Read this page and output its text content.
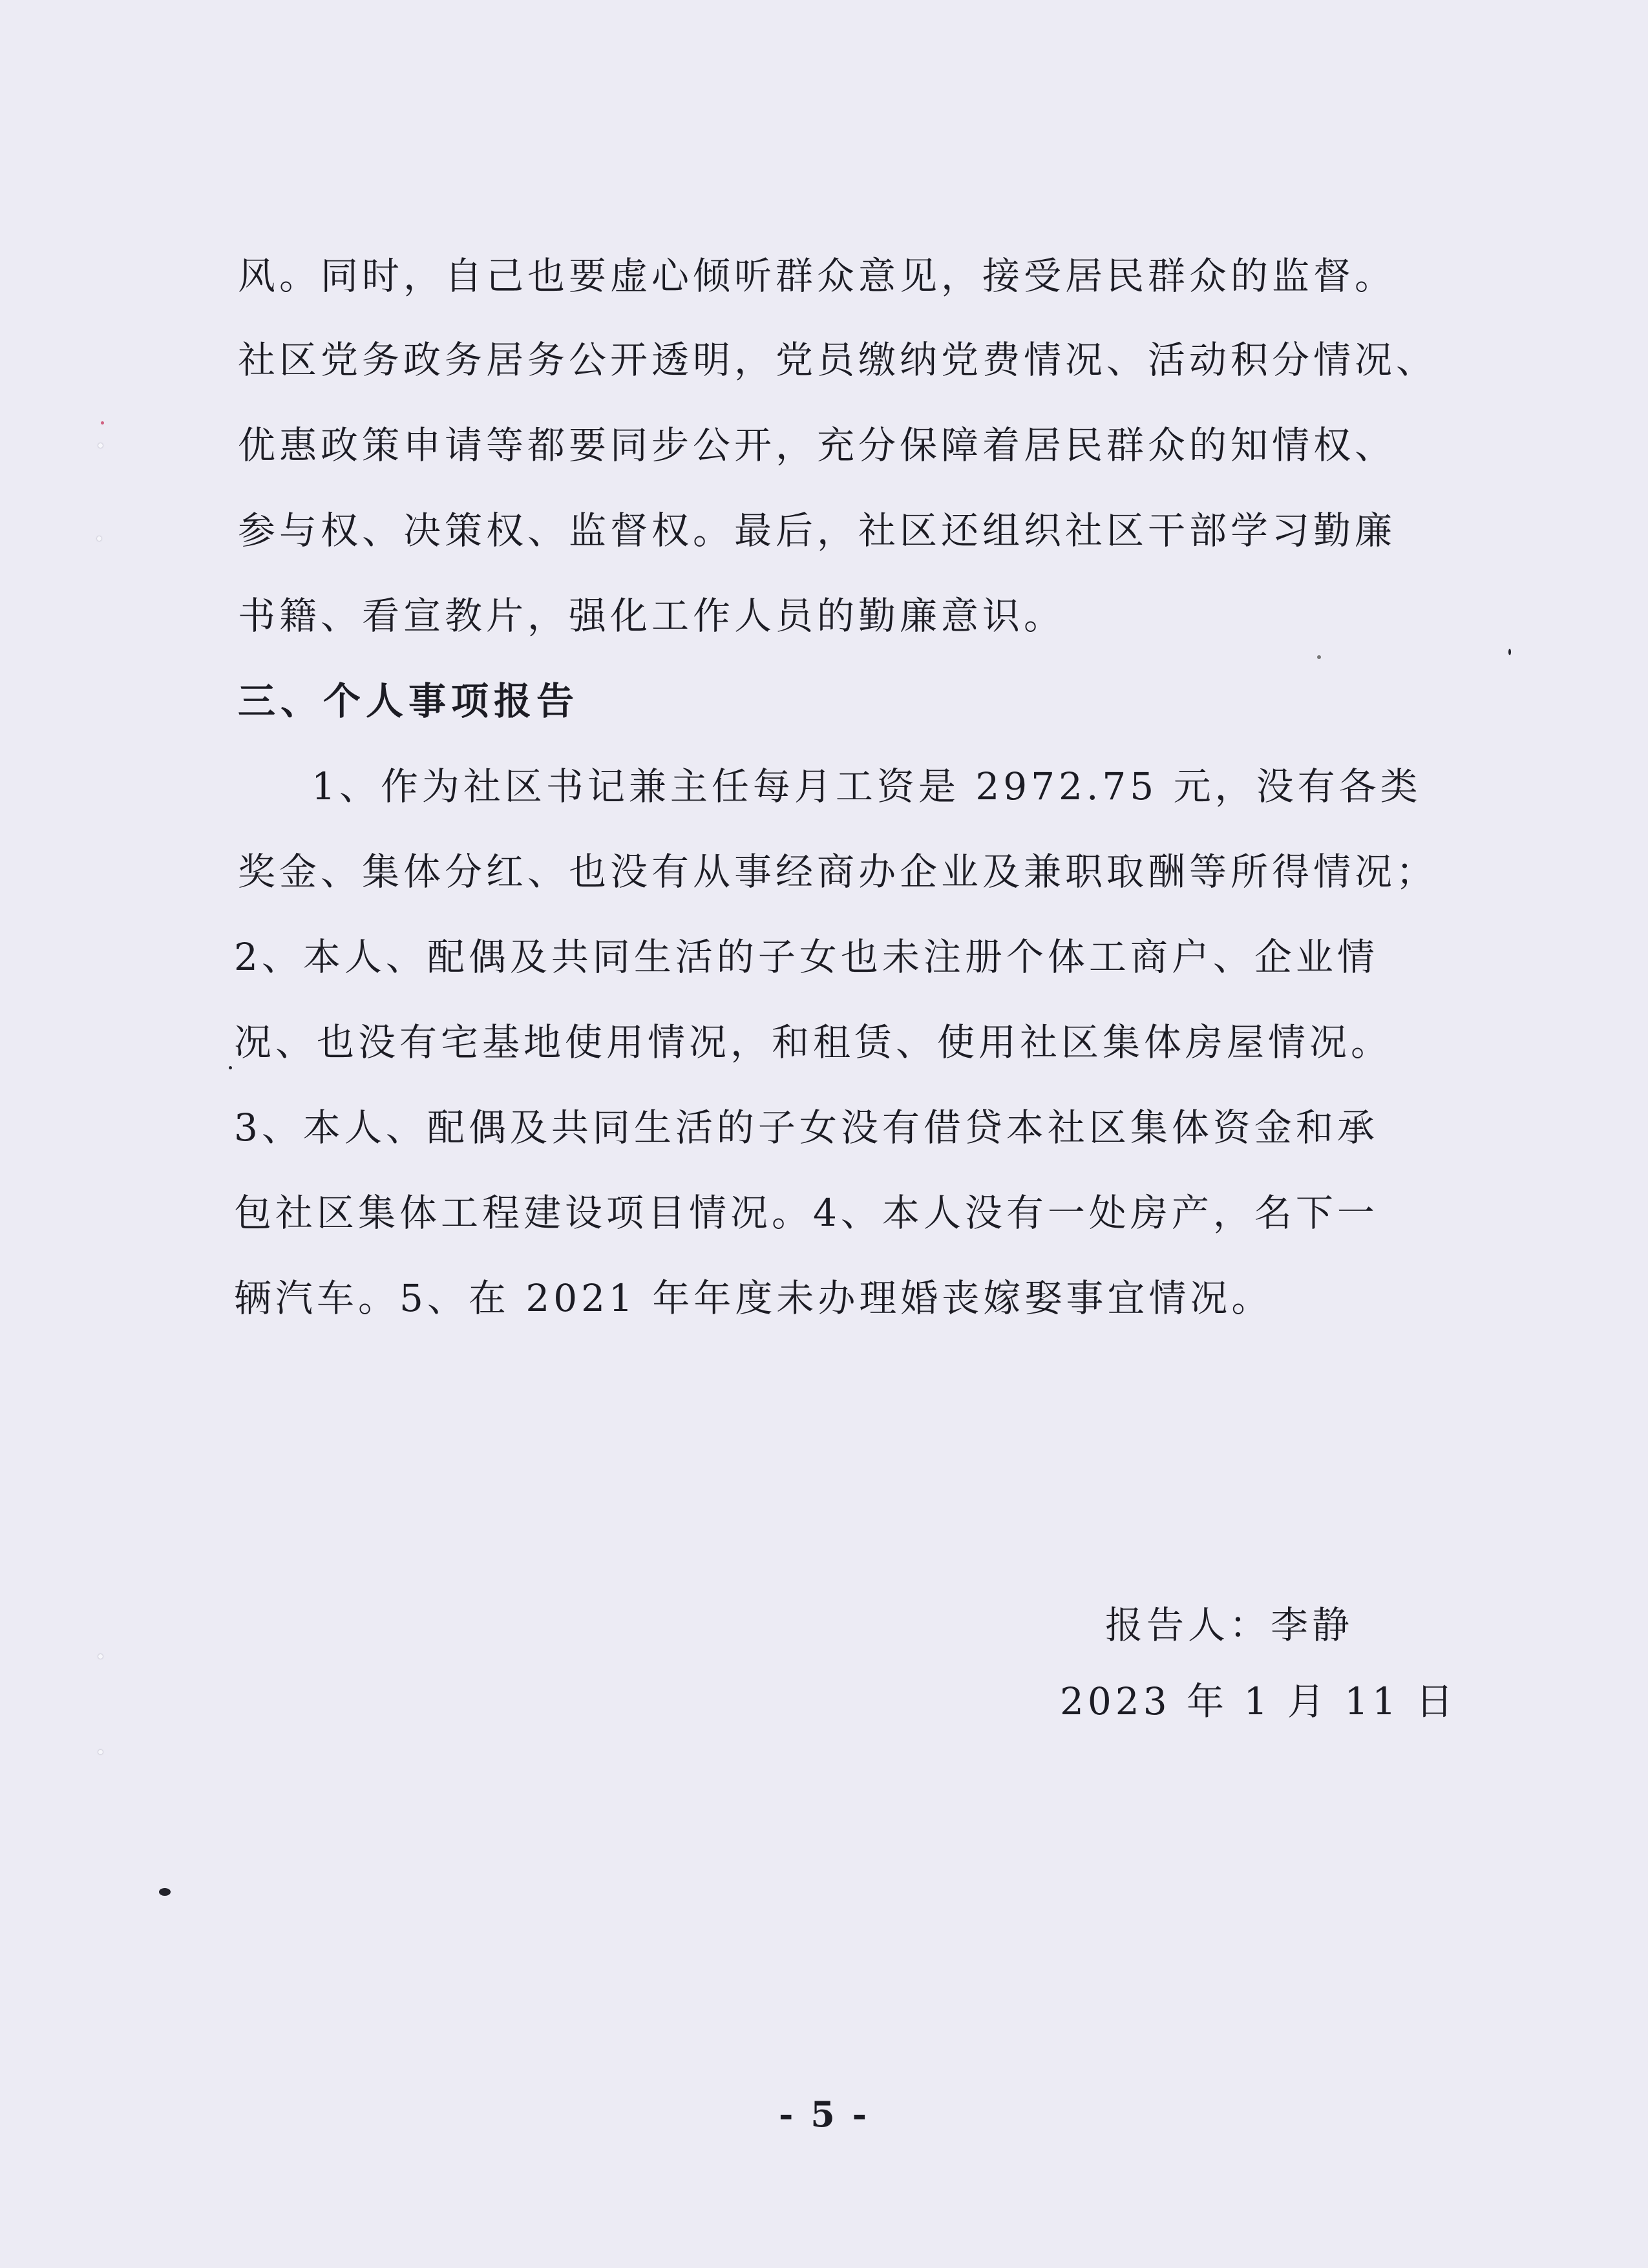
风。同时，自己也要虚心倾听群众意见，接受居民群众的监督。
社区党务政务居务公开透明，党员缴纳党费情况、活动积分情况、
优惠政策申请等都要同步公开，充分保障着居民群众的知情权、
参与权、决策权、监督权。最后，社区还组织社区干部学习勤廉
书籍、看宣教片，强化工作人员的勤廉意识。
三、个人事项报告
1、作为社区书记兼主任每月工资是 2972.75 元，没有各类
奖金、集体分红、也没有从事经商办企业及兼职取酬等所得情况；
2、本人、配偶及共同生活的子女也未注册个体工商户、企业情
况、也没有宅基地使用情况，和租赁、使用社区集体房屋情况。
3、本人、配偶及共同生活的子女没有借贷本社区集体资金和承
包社区集体工程建设项目情况。4、本人没有一处房产，名下一
辆汽车。5、在 2021 年年度未办理婚丧嫁娶事宜情况。
报告人：李静
2023 年 1 月 11 日
- 5 -
